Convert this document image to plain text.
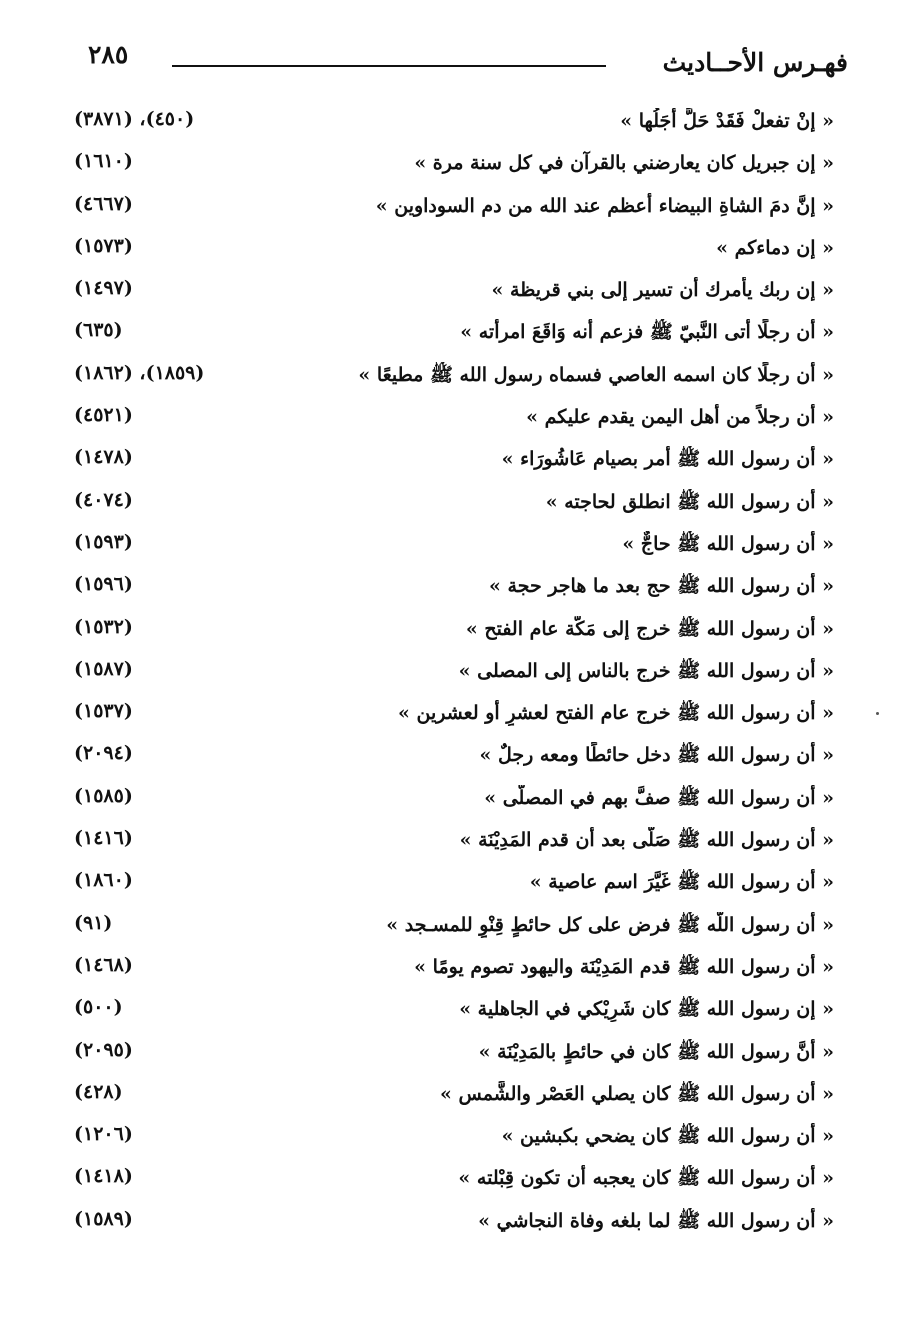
فهـرس الأحــاديث
٢٨٥
« إنْ تفعلْ فَقَدْ حَلَّ أَجَلُها »
(٤٥٠)، (٣٨٧١)
« إن جبريل كان يعارضني بالقرآن في كل سنة مرة »
(١٦١٠)
« إنَّ دمَ الشاةِ البيضاء أعظم عند الله من دم السوداوين »
(٤٦٦٧)
« إن دماءكم »
(١٥٧٣)
« إن ربك يأمرك أن تسير إلى بني قريظة »
(١٤٩٧)
« أن رجلًا أتى النَّبيّ ﷺ فزعم أنه وَاقَعَ امرأته »
(٦٣٥)
« أن رجلًا كان اسمه العاصي فسماه رسول الله ﷺ مطيعًا »
(١٨٥٩)، (١٨٦٢)
« أن رجلاً من أهل اليمن يقدم عليكم »
(٤٥٢١)
« أن رسول الله ﷺ أمر بصيام عَاشُورَاء »
(١٤٧٨)
« أن رسول الله ﷺ انطلق لحاجته »
(٤٠٧٤)
« أن رسول الله ﷺ حاجٌّ »
(١٥٩٣)
« أن رسول الله ﷺ حج بعد ما هاجر حجة »
(١٥٩٦)
« أن رسول الله ﷺ خرج إلى مَكّة عام الفتح »
(١٥٣٢)
« أن رسول الله ﷺ خرج بالناس إلى المصلى »
(١٥٨٧)
« أن رسول الله ﷺ خرج عام الفتح لعشرٍ أو لعشرين »
(١٥٣٧)
« أن رسول الله ﷺ دخل حائطًا ومعه رجلٌ »
(٢٠٩٤)
« أن رسول الله ﷺ صفَّ بهم في المصلَّى »
(١٥٨٥)
« أن رسول الله ﷺ صَلَّى بعد أن قدم المَدِيْنَة »
(١٤١٦)
« أن رسول الله ﷺ غَيَّرَ اسم عاصية »
(١٨٦٠)
« أن رسول اللّه ﷺ فرض على كل حائطٍ قِنْوٍ للمسـجد »
(٩١)
« أن رسول الله ﷺ قدم المَدِيْنَة واليهود تصوم يومًا »
(١٤٦٨)
« إن رسول الله ﷺ كان شَرِيْكي في الجاهلية »
(٥٠٠)
« أنَّ رسول الله ﷺ كان في حائطٍ بالمَدِيْنَة »
(٢٠٩٥)
« أن رسول الله ﷺ كان يصلي العَصْر والشَّمس »
(٤٢٨)
« أن رسول الله ﷺ كان يضحي بكبشين »
(١٢٠٦)
« أن رسول الله ﷺ كان يعجبه أن تكون قِبْلته »
(١٤١٨)
« أن رسول الله ﷺ لما بلغه وفاة النجاشي »
(١٥٨٩)
